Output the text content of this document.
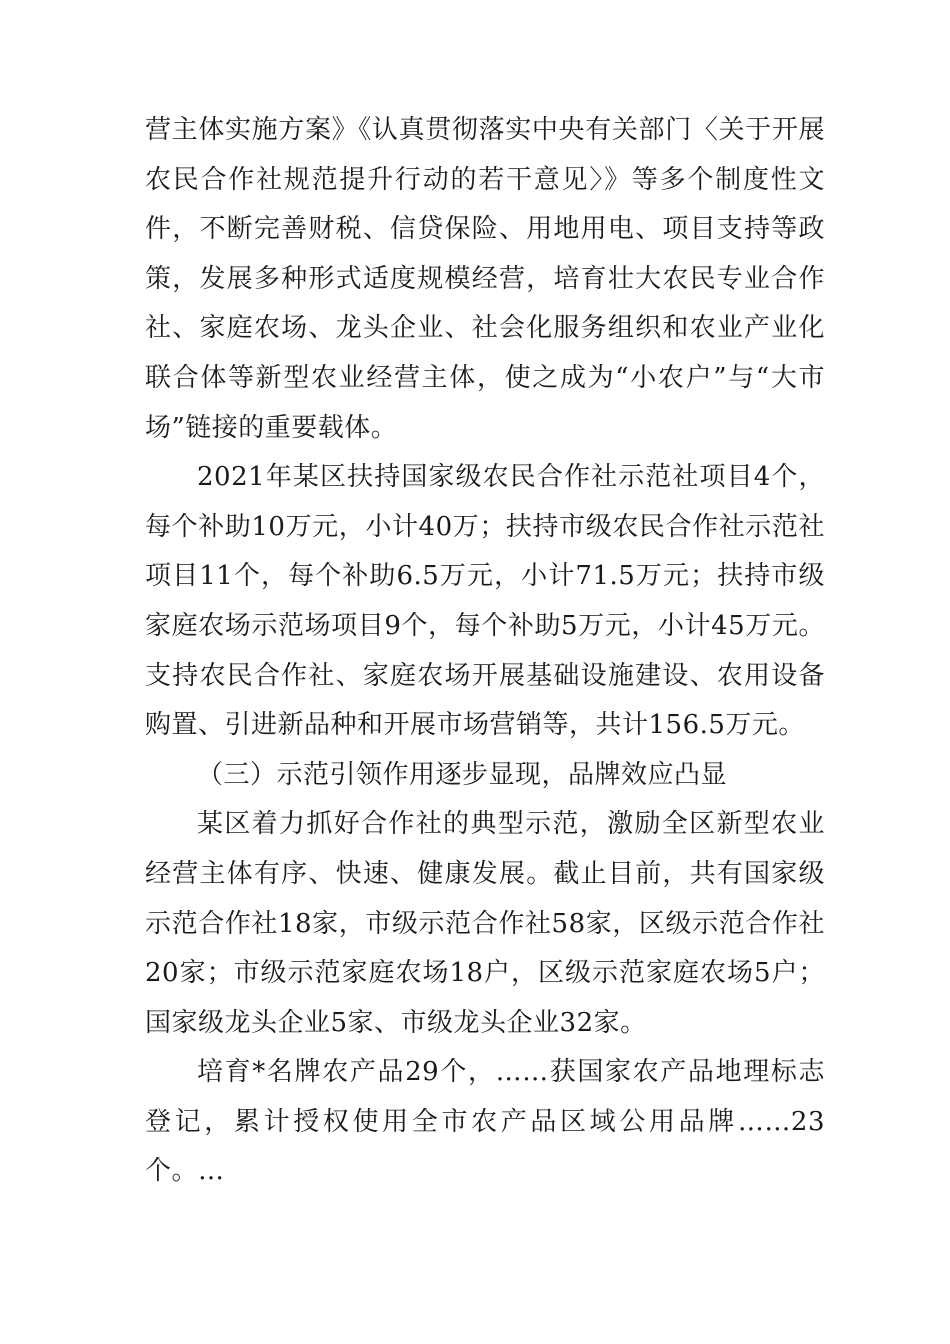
营主体实施方案》《认真贯彻落实中央有关部门〈关于开展农民合作社规范提升行动的若干意见〉》等多个制度性文件，不断完善财税、信贷保险、用地用电、项目支持等政策，发展多种形式适度规模经营，培育壮大农民专业合作社、家庭农场、龙头企业、社会化服务组织和农业产业化联合体等新型农业经营主体，使之成为“小农户”与“大市场”链接的重要载体。

2021年某区扶持国家级农民合作社示范社项目4个，每个补助10万元，小计40万；扶持市级农民合作社示范社项目11个，每个补助6.5万元，小计71.5万元；扶持市级家庭农场示范场项目9个，每个补助5万元，小计45万元。支持农民合作社、家庭农场开展基础设施建设、农用设备购置、引进新品种和开展市场营销等，共计156.5万元。

（三）示范引领作用逐步显现，品牌效应凸显

某区着力抓好合作社的典型示范，激励全区新型农业经营主体有序、快速、健康发展。截止目前，共有国家级示范合作社18家，市级示范合作社58家，区级示范合作社20家；市级示范家庭农场18户，区级示范家庭农场5户；国家级龙头企业5家、市级龙头企业32家。

培育*名牌农产品29个，……获国家农产品地理标志登记，累计授权使用全市农产品区域公用品牌……23个。…
